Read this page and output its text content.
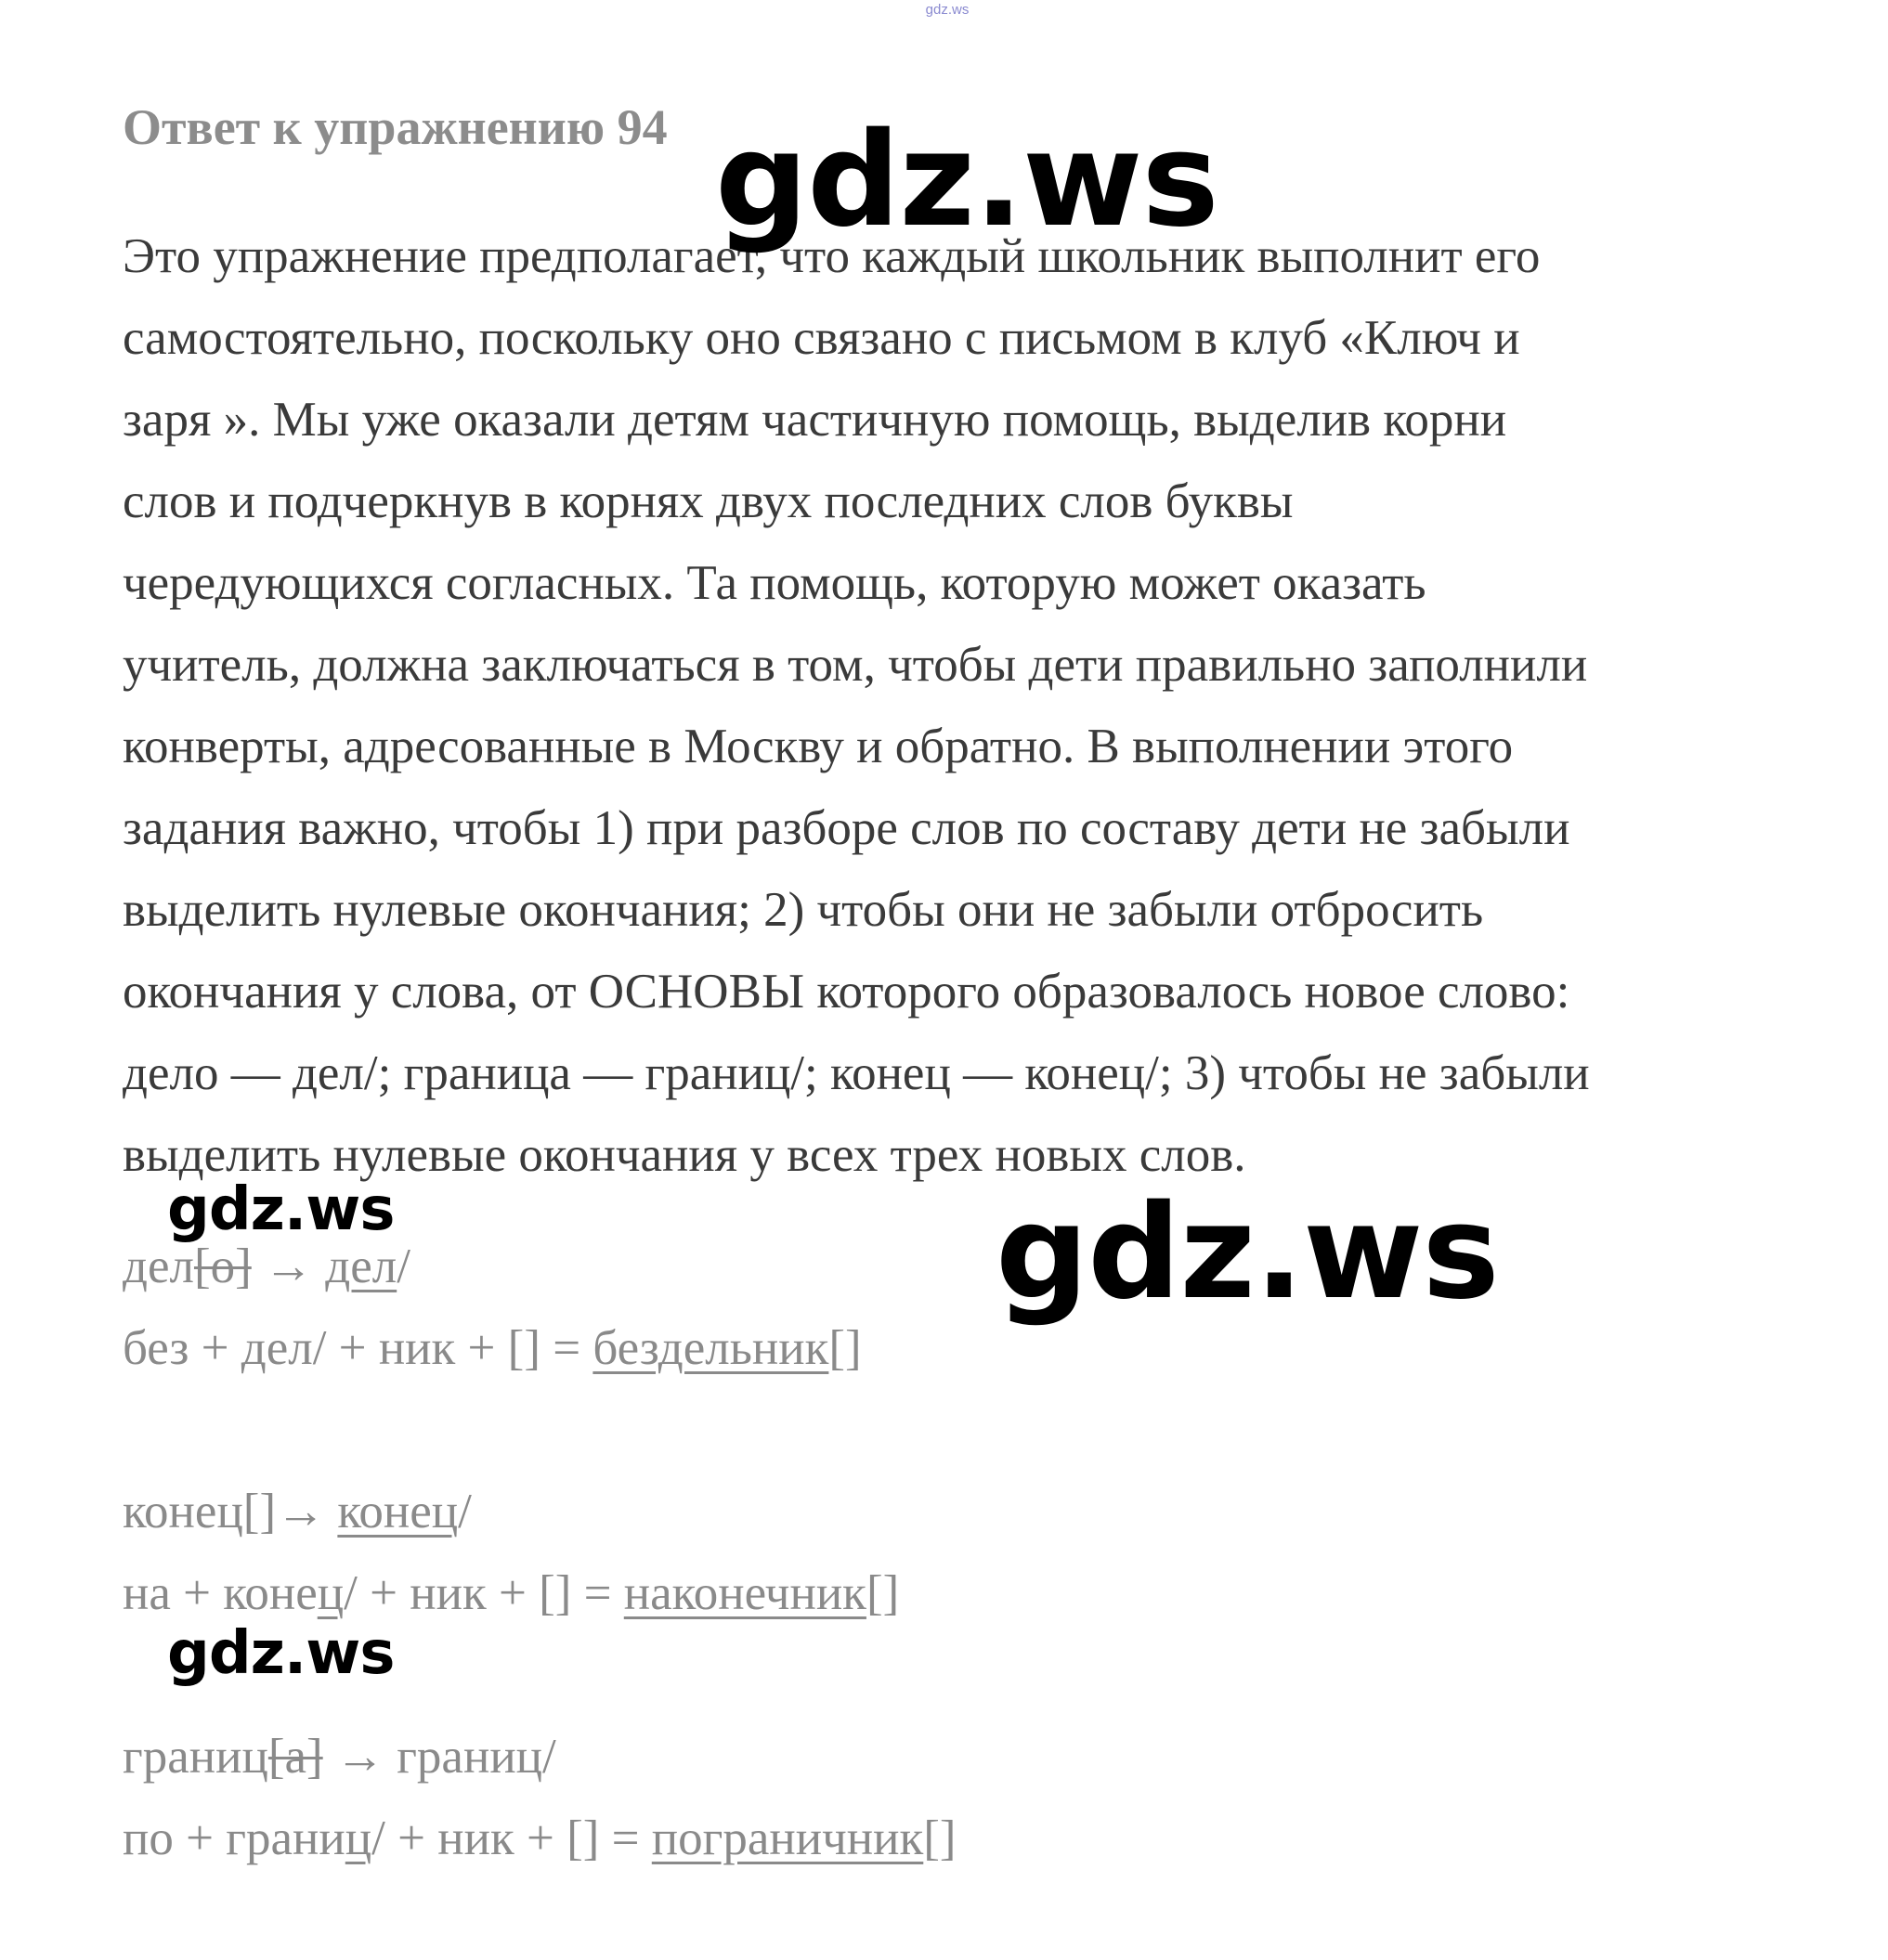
gdz.ws
Ответ к упражнению 94
Это упражнение предполагает, что каждый школьник выполнит его
самостоятельно, поскольку оно связано с письмом в клуб «Ключ и
заря ». Мы уже оказали детям частичную помощь, выделив корни
слов и подчеркнув в корнях двух последних слов буквы
чередующихся согласных. Та помощь, которую может оказать
учитель, должна заключаться в том, чтобы дети правильно заполнили
конверты, адресованные в Москву и обратно. В выполнении этого
задания важно, чтобы 1) при разборе слов по составу дети не забыли
выделить нулевые окончания; 2) чтобы они не забыли отбросить
окончания у слова, от ОСНОВЫ которого образовалось новое слово:
дело — дел/; граница — границ/; конец — конец/; 3) чтобы не забыли
выделить нулевые окончания у всех трех новых слов.
дел[о] → дел/
без + дел/ + ник + [] = бездельник[]
конец[]→ конец/
на + конец/ + ник + [] = наконечник[]
границ[а] → границ/
по + границ/ + ник + [] = пограничник[]
gdz.ws
gdz.ws
gdz.ws
gdz.ws
